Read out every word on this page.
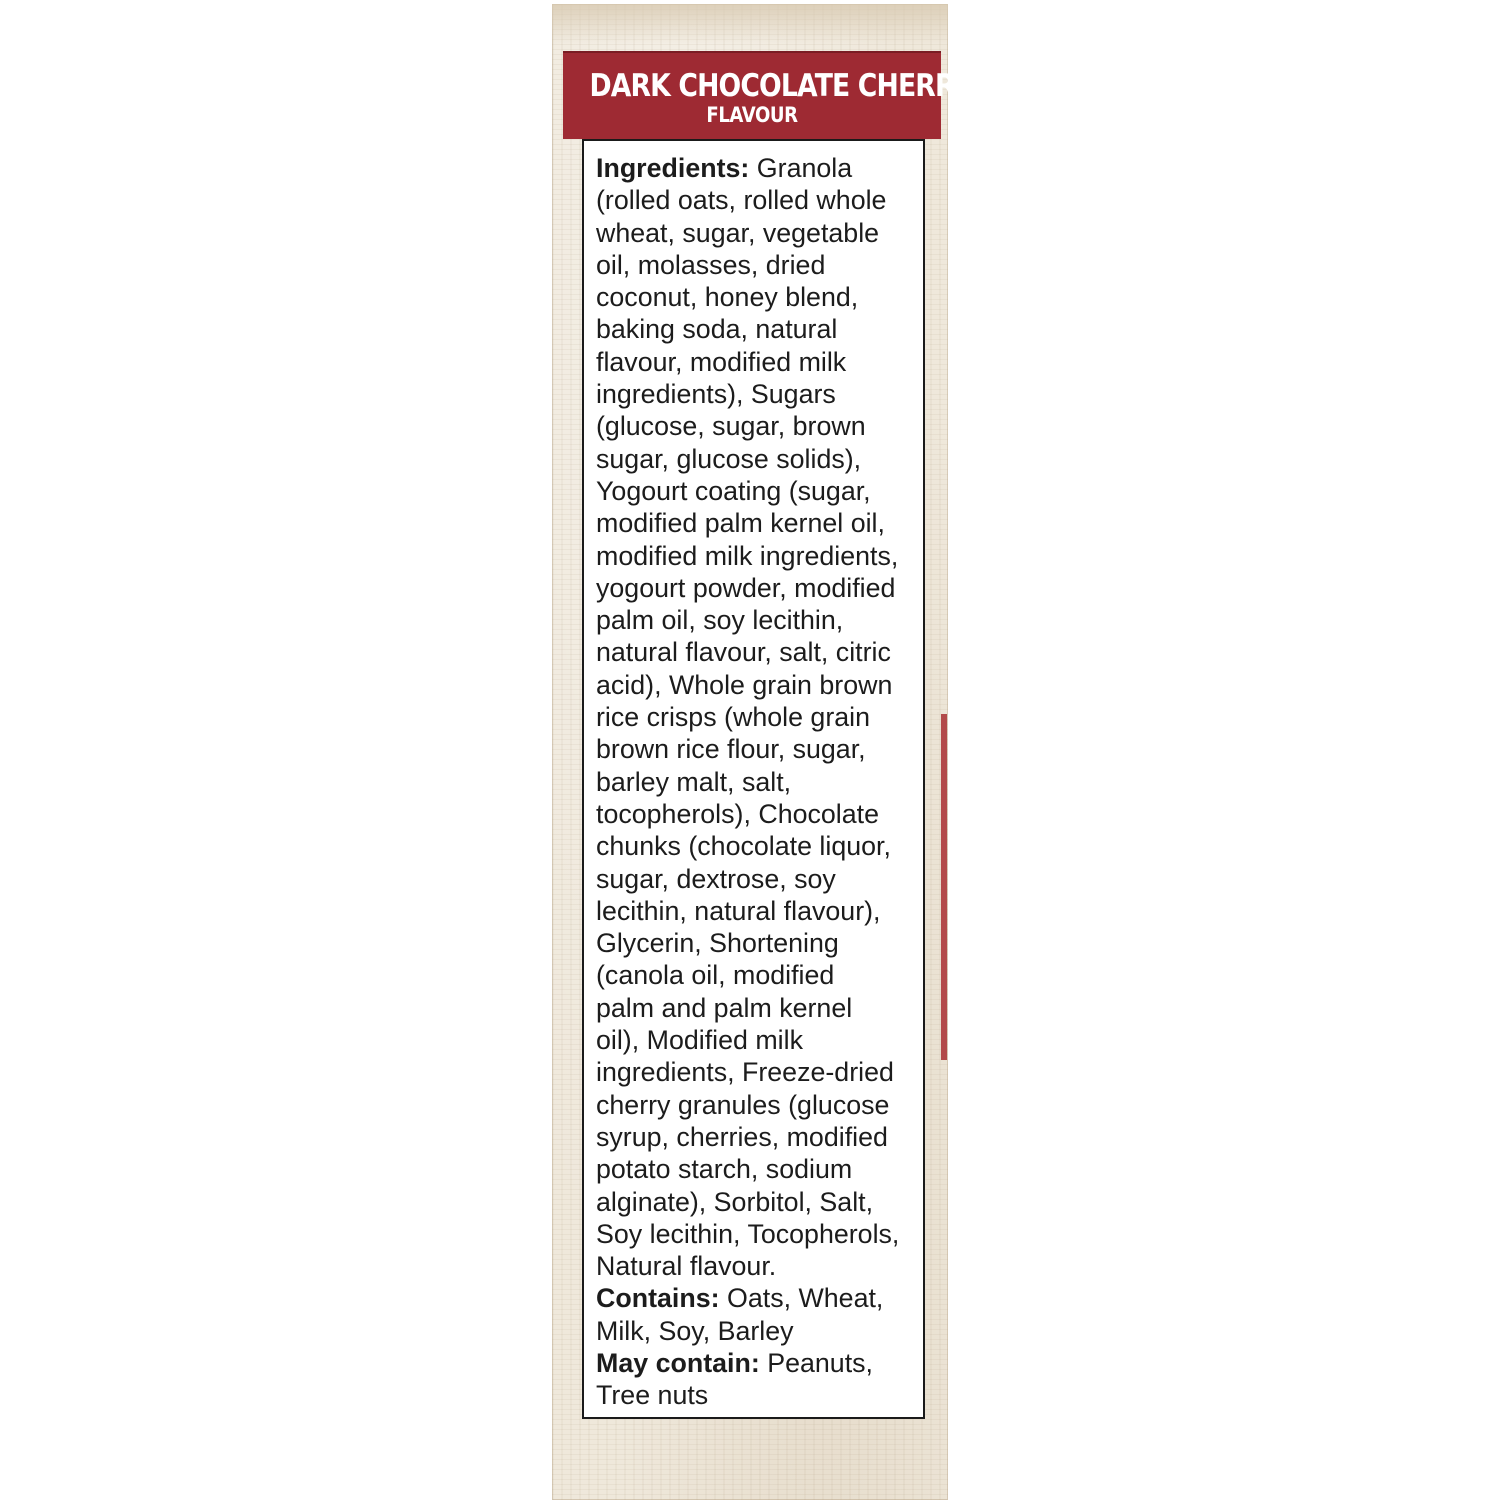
DARK CHOCOLATE CHERRY
FLAVOUR
Ingredients: Granola
(rolled oats, rolled whole
wheat, sugar, vegetable
oil, molasses, dried
coconut, honey blend,
baking soda, natural
flavour, modified milk
ingredients), Sugars
(glucose, sugar, brown
sugar, glucose solids),
Yogourt coating (sugar,
modified palm kernel oil,
modified milk ingredients,
yogourt powder, modified
palm oil, soy lecithin,
natural flavour, salt, citric
acid), Whole grain brown
rice crisps (whole grain
brown rice flour, sugar,
barley malt, salt,
tocopherols), Chocolate
chunks (chocolate liquor,
sugar, dextrose, soy
lecithin, natural flavour),
Glycerin, Shortening
(canola oil, modified
palm and palm kernel
oil), Modified milk
ingredients, Freeze-dried
cherry granules (glucose
syrup, cherries, modified
potato starch, sodium
alginate), Sorbitol, Salt,
Soy lecithin, Tocopherols,
Natural flavour.
Contains: Oats, Wheat,
Milk, Soy, Barley
May contain: Peanuts,
Tree nuts
